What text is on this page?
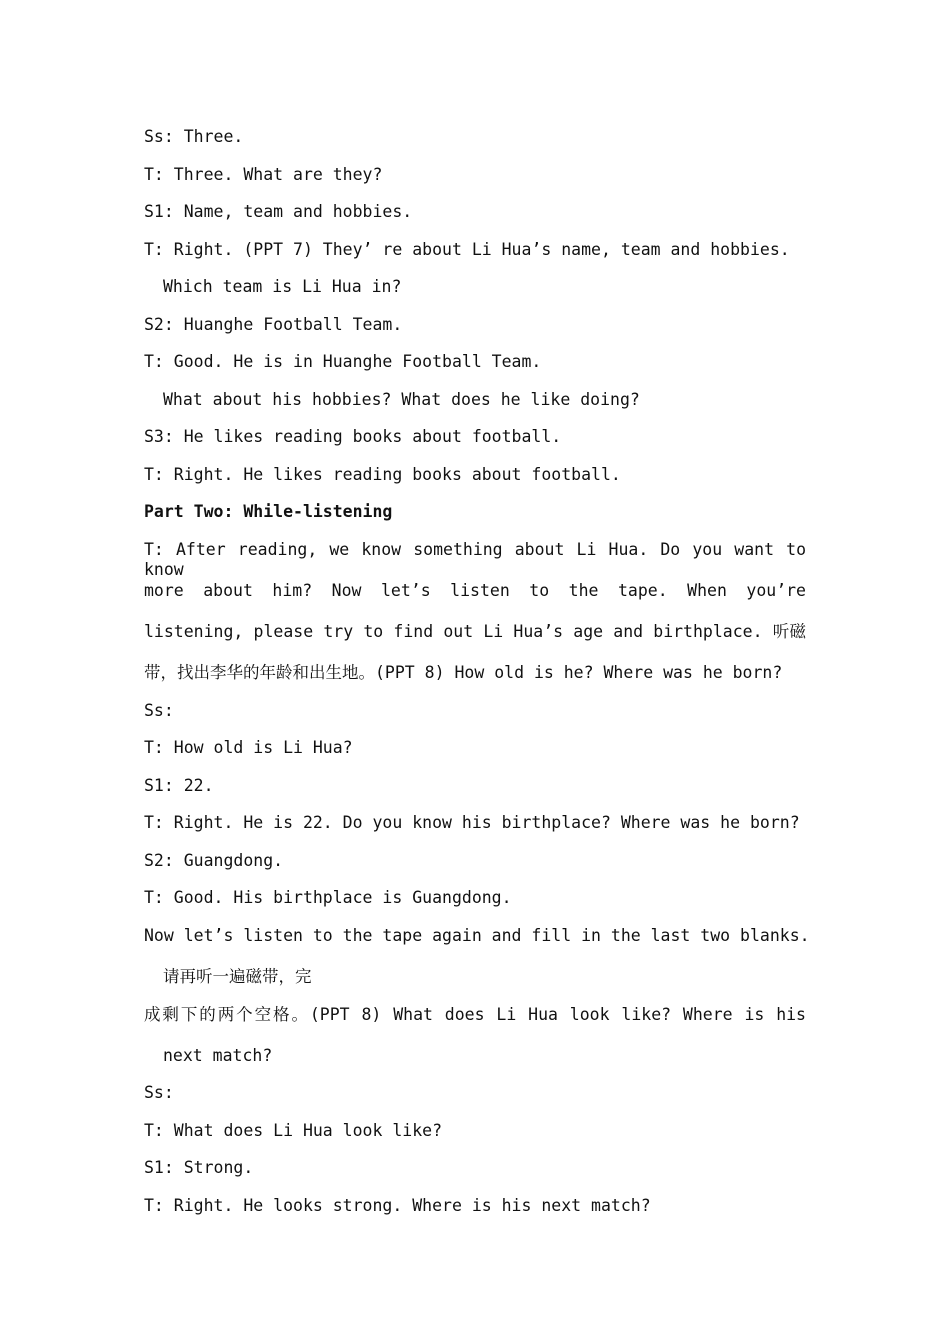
Ss: Three.
T: Three. What are they?
S1: Name, team and hobbies.
T: Right. (PPT 7) They’ re about Li Hua’s name, team and hobbies.
Which team is Li Hua in?
S2: Huanghe Football Team.
T: Good. He is in Huanghe Football Team.
What about his hobbies? What does he like doing?
S3: He likes reading books about football.
T: Right. He likes reading books about football.
Part Two: While-listening
T: After reading, we know something about Li Hua. Do you want to know
more about him? Now let’s listen to the tape. When you’re
listening, please try to find out Li Hua’s age and birthplace. 听磁
带，找出李华的年龄和出生地。(PPT 8) How old is he? Where was he born?
Ss:
T: How old is Li Hua?
S1: 22.
T: Right. He is 22. Do you know his birthplace? Where was he born?
S2: Guangdong.
T: Good. His birthplace is Guangdong.
Now let’s listen to the tape again and fill in the last two blanks.
请再听一遍磁带，完
成剩下的两个空格。(PPT 8) What does Li Hua look like? Where is his
next match?
Ss:
T: What does Li Hua look like?
S1: Strong.
T: Right. He looks strong. Where is his next match?
